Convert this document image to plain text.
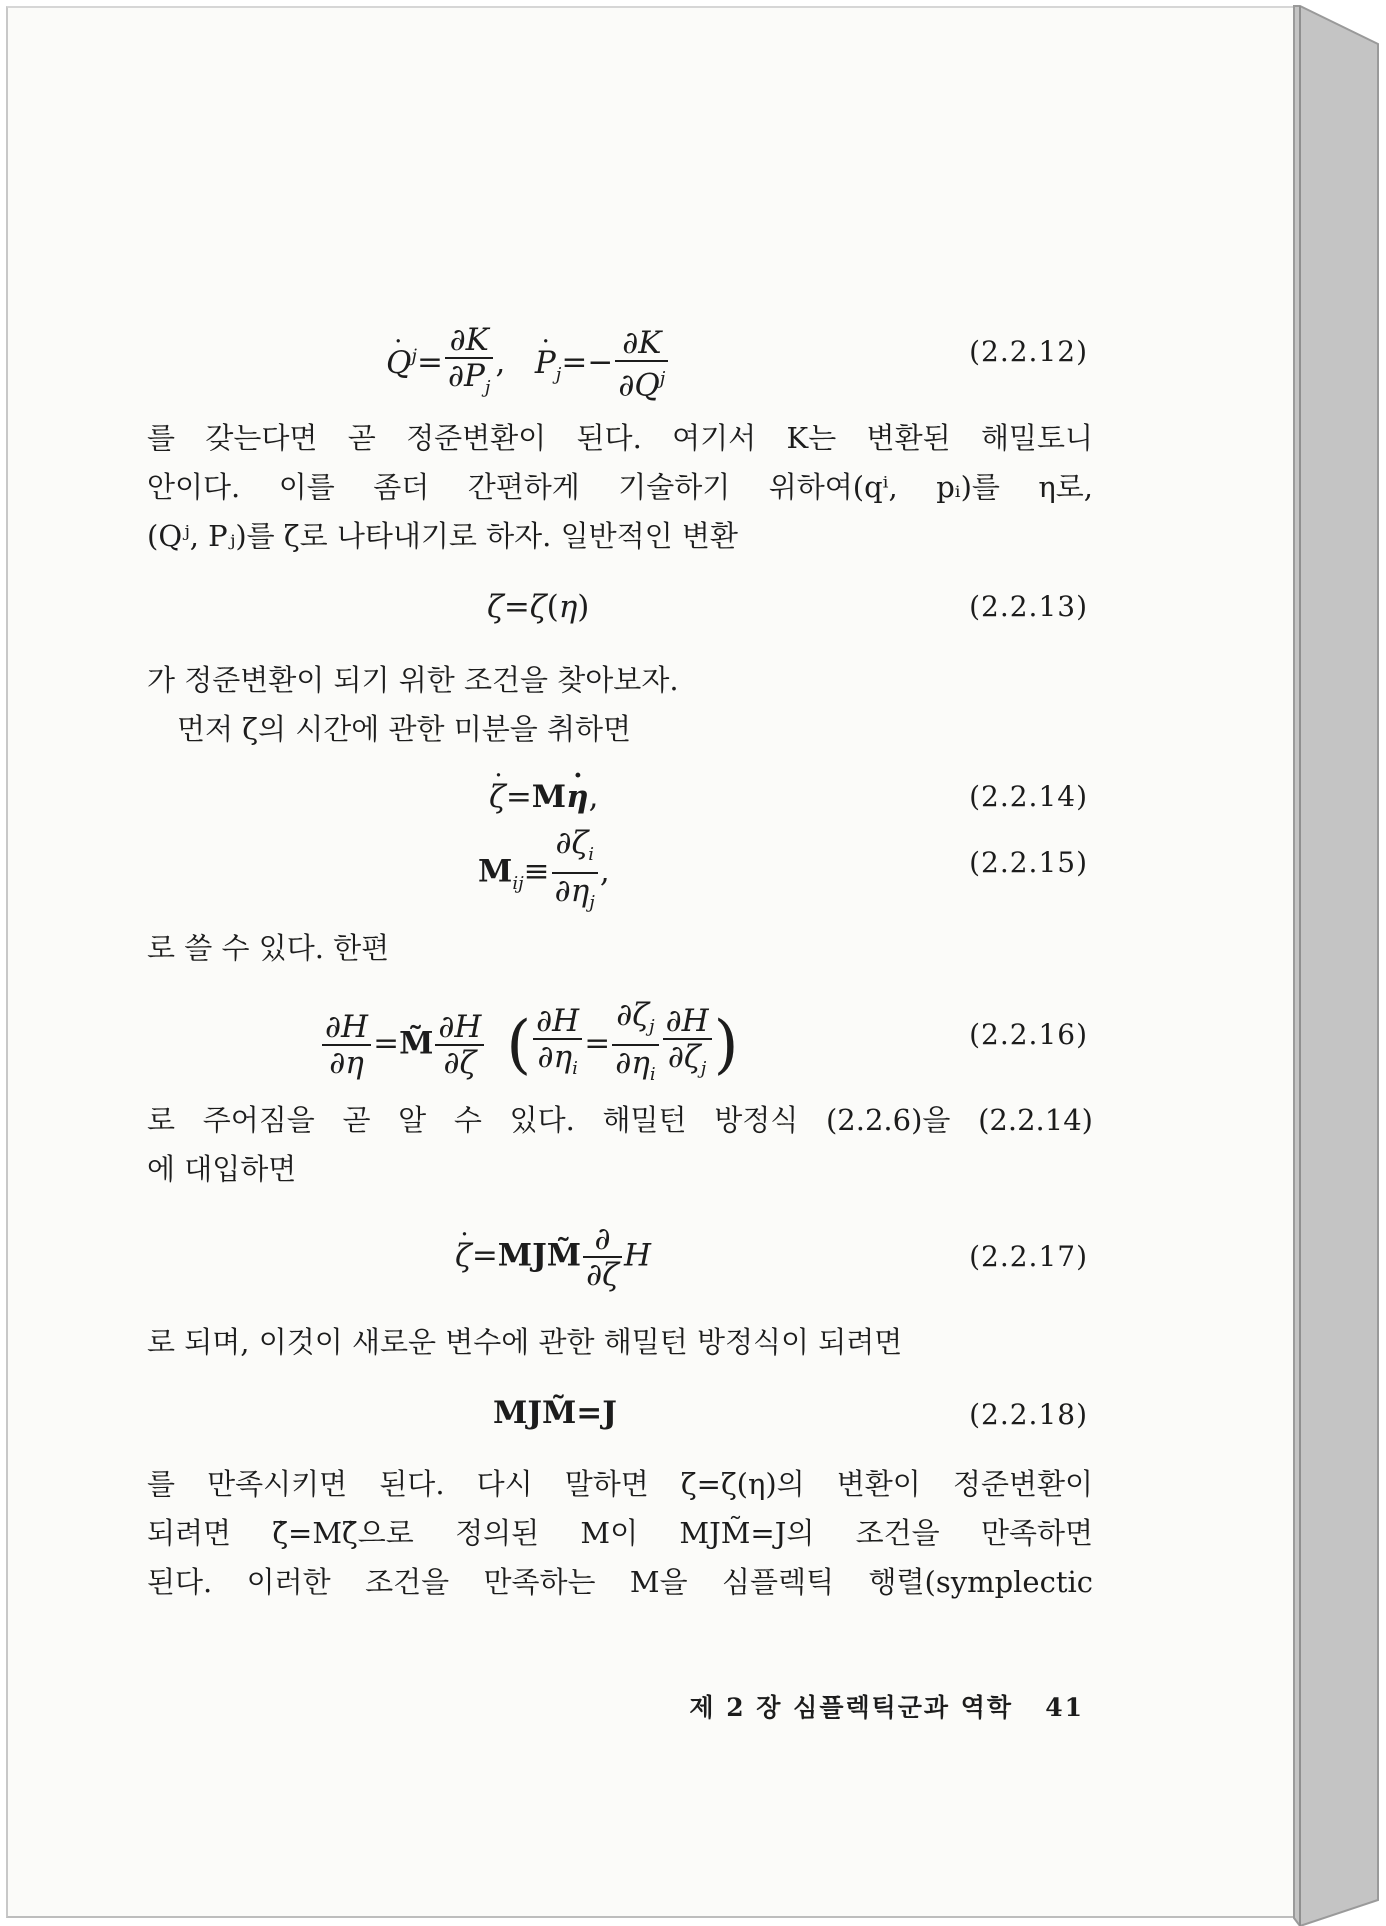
· $Q^j= \frac{\partial K}{\partial P_j}$ ,   · $P_j=- \frac{\partial K}{\partial Q^j}$	(2.2.12)
를 갖는다면 곧 정준변환이 된다. 여기서 K는 변환된 해밀토니
안이다. 이를 좀더 간편하게 기술하기 위하여(qⁱ, pᵢ)를 η로,
(Qʲ, Pⱼ)를 ζ로 나타내기로 하자. 일반적인 변환
ζ=ζ(η)	(2.2.13)
가 정준변환이 되기 위한 조건을 찾아보자.
먼저 ζ의 시간에 관한 미분을 취하면
· ζ=M· η,	(2.2.14)
$M_{ij}\equiv \frac{\partial\zeta_i}{\partial\eta_j}$ ,	(2.2.15)
로 쓸 수 있다. 한편
$\frac{\partial H}{\partial\eta}$ =M̃ $\frac{\partial H}{\partial\zeta}$ ( $\frac{\partial H}{\partial\eta_i} = \frac{\partial\zeta_j}{\partial\eta_i} \frac{\partial H}{\partial\zeta_j}$ )	(2.2.16)
로 주어짐을 곧 알 수 있다. 해밀턴 방정식 (2.2.6)을 (2.2.14)
에 대입하면
· ζ=MJM̃ $\frac{\partial}{\partial\zeta}$ H	(2.2.17)
로 되며, 이것이 새로운 변수에 관한 해밀턴 방정식이 되려면
MJM̃=J	(2.2.18)
를 만족시키면 된다. 다시 말하면 ζ=ζ(η)의 변환이 정준변환이
되려면 ζ̇=Mζ̇으로 정의된 M이 MJM̃=J의 조건을 만족하면
된다. 이러한 조건을 만족하는 M을 심플렉틱 행렬(symplectic
제 2 장 심플렉틱군과 역학 41
